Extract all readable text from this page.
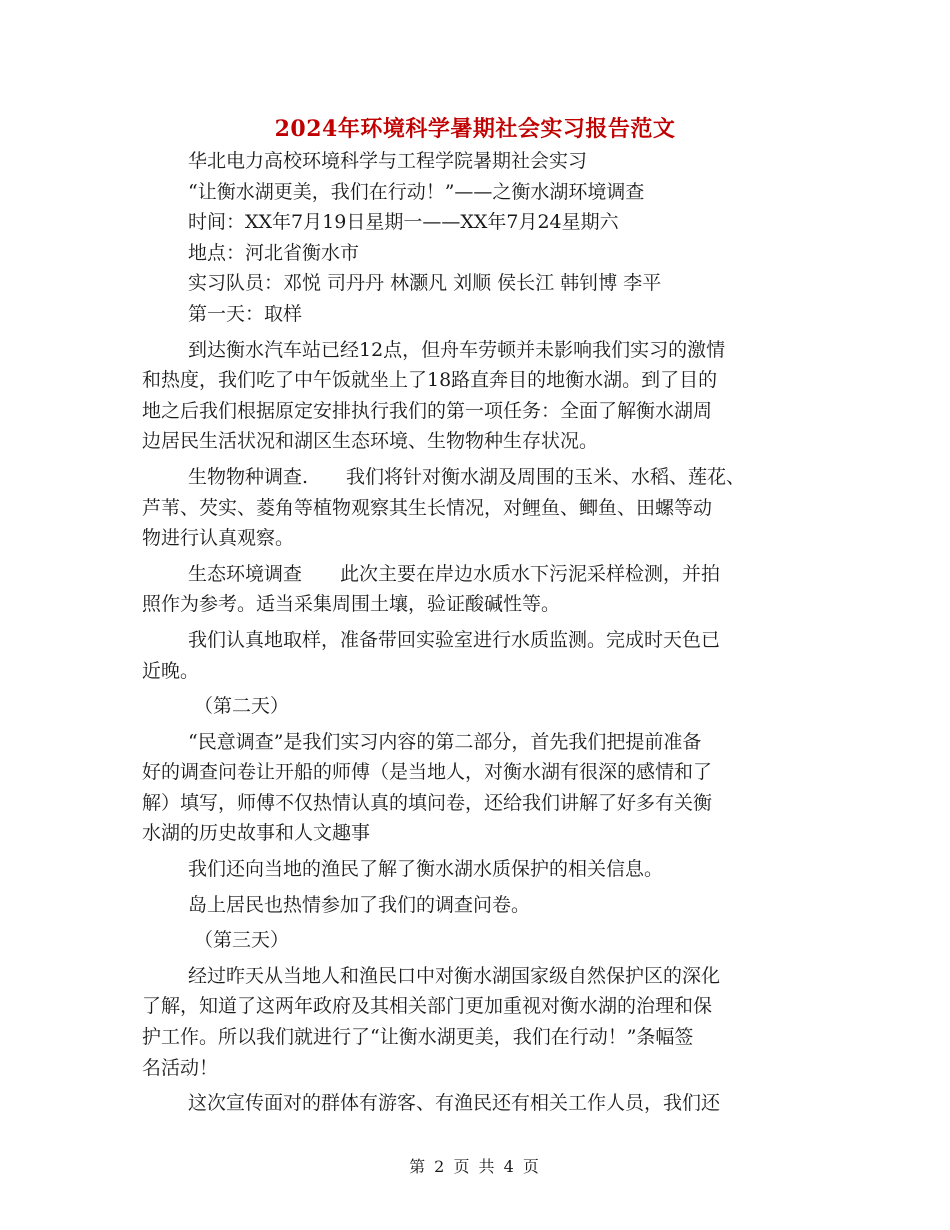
2024年环境科学暑期社会实习报告范文
华北电力高校环境科学与工程学院暑期社会实习
“让衡水湖更美，我们在行动！”——之衡水湖环境调查
时间：XX年7月19日星期一——XX年7月24星期六
地点：河北省衡水市
实习队员：邓悦 司丹丹 林灏凡 刘顺 侯长江 韩钊博 李平
第一天：取样
到达衡水汽车站已经12点，但舟车劳顿并未影响我们实习的激情
和热度，我们吃了中午饭就坐上了18路直奔目的地衡水湖。到了目的
地之后我们根据原定安排执行我们的第一项任务：全面了解衡水湖周
边居民生活状况和湖区生态环境、生物物种生存状况。
生物物种调查.　　我们将针对衡水湖及周围的玉米、水稻、莲花、
芦苇、芡实、菱角等植物观察其生长情况，对鲤鱼、鲫鱼、田螺等动
物进行认真观察。
生态环境调查　　此次主要在岸边水质水下污泥采样检测，并拍
照作为参考。适当采集周围土壤，验证酸碱性等。
我们认真地取样，准备带回实验室进行水质监测。完成时天色已
近晚。
（第二天）
“民意调查”是我们实习内容的第二部分，首先我们把提前准备
好的调查问卷让开船的师傅（是当地人，对衡水湖有很深的感情和了
解）填写，师傅不仅热情认真的填问卷，还给我们讲解了好多有关衡
水湖的历史故事和人文趣事
我们还向当地的渔民了解了衡水湖水质保护的相关信息。
岛上居民也热情参加了我们的调查问卷。
（第三天）
经过昨天从当地人和渔民口中对衡水湖国家级自然保护区的深化
了解，知道了这两年政府及其相关部门更加重视对衡水湖的治理和保
护工作。所以我们就进行了“让衡水湖更美，我们在行动！”条幅签
名活动！
这次宣传面对的群体有游客、有渔民还有相关工作人员，我们还
第 2 页 共 4 页
